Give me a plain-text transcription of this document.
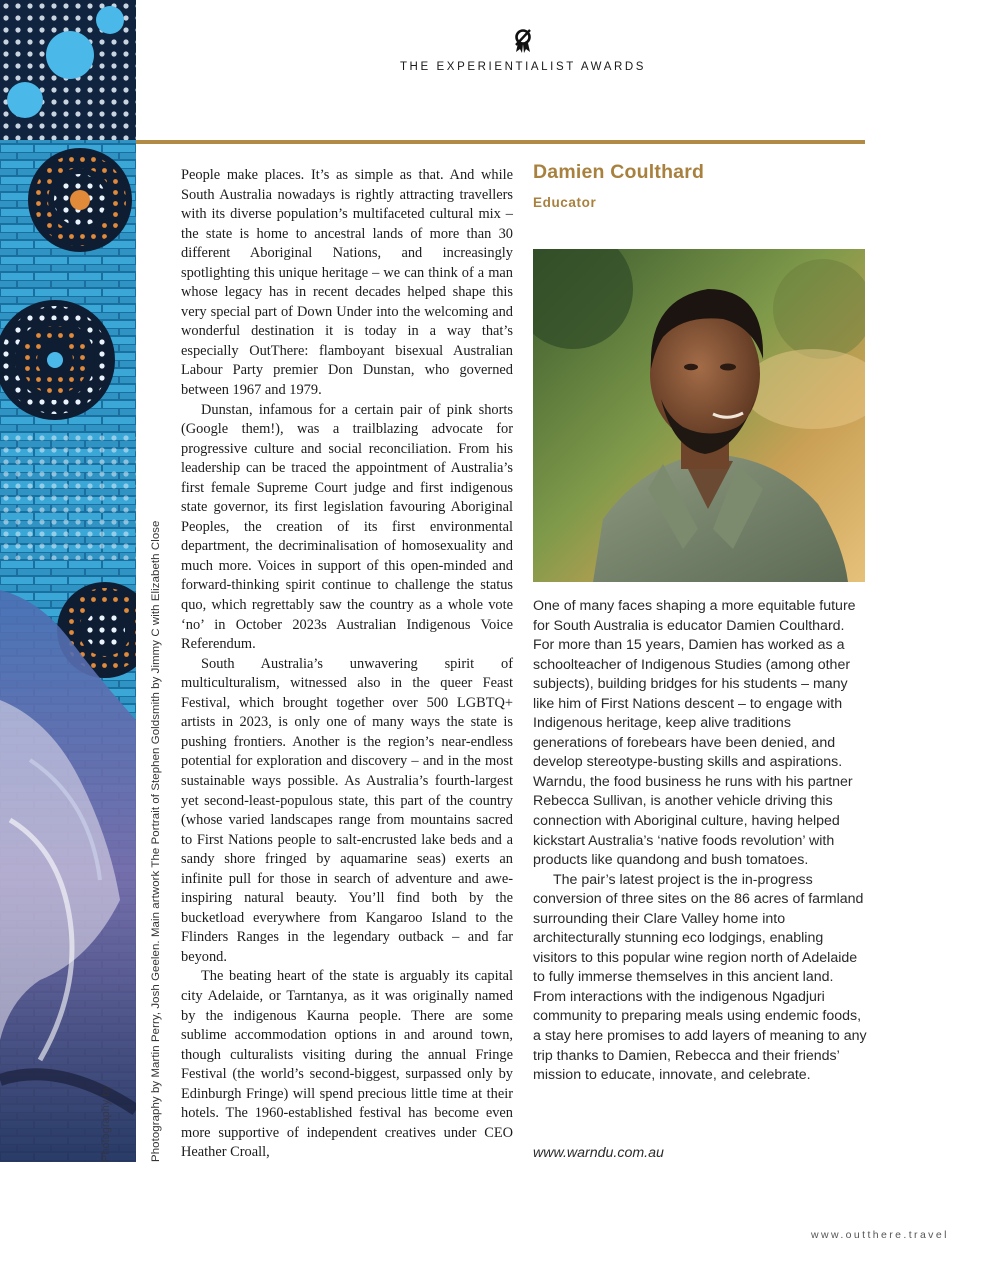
Photography by	Photography by Martin Perry, Josh Geelen. Main artwork The Portrait of Stephen Goldsmith by Jimmy C with Elizabeth Close
THE EXPERIENTIALIST AWARDS

People make places. It’s as simple as that. And while South Australia nowadays is rightly attracting travellers with its diverse population’s multifaceted cultural mix – the state is home to ancestral lands of more than 30 different Aboriginal Nations, and increasingly spotlighting this unique heritage – we can think of a man whose legacy has in recent decades helped shape this very special part of Down Under into the welcoming and wonderful destination it is today in a way that’s especially OutThere: flamboyant bisexual Australian Labour Party premier Don Dunstan, who governed between 1967 and 1979.

Dunstan, infamous for a certain pair of pink shorts (Google them!), was a trailblazing advocate for progressive culture and social reconciliation. From his leadership can be traced the appointment of Australia’s first female Supreme Court judge and first indigenous state governor, its first legislation favouring Aboriginal Peoples, the creation of its first environmental department, the decriminalisation of homosexuality and much more. Voices in support of this open-minded and forward-thinking spirit continue to challenge the status quo, which regrettably saw the country as a whole vote ‘no’ in October 2023s Australian Indigenous Voice Referendum.

South Australia’s unwavering spirit of multiculturalism, witnessed also in the queer Feast Festival, which brought together over 500 LGBTQ+ artists in 2023, is only one of many ways the state is pushing frontiers. Another is the region’s near-endless potential for exploration and discovery – and in the most sustainable ways possible. As Australia’s fourth-largest yet second-least-populous state, this part of the country (whose varied landscapes range from mountains sacred to First Nations people to salt-encrusted lake beds and a sandy shore fringed by aquamarine seas) exerts an infinite pull for those in search of adventure and awe-inspiring natural beauty. You’ll find both by the bucketload everywhere from Kangaroo Island to the Flinders Ranges in the legendary outback – and far beyond.

The beating heart of the state is arguably its capital city Adelaide, or Tarntanya, as it was originally named by the indigenous Kaurna people. There are some sublime accommodation options in and around town, though culturalists visiting during the annual Fringe Festival (the world’s second-biggest, surpassed only by Edinburgh Fringe) will spend precious little time at their hotels. The 1960-established festival has become even more supportive of independent creatives under CEO Heather Croall,

Damien Coulthard
Educator

One of many faces shaping a more equitable future for South Australia is educator Damien Coulthard. For more than 15 years, Damien has worked as a schoolteacher of Indigenous Studies (among other subjects), building bridges for his students – many like him of First Nations descent – to engage with Indigenous heritage, keep alive traditions generations of forebears have been denied, and develop stereotype-busting skills and aspirations. Warndu, the food business he runs with his partner Rebecca Sullivan, is another vehicle driving this connection with Aboriginal culture, having helped kickstart Australia’s ‘native foods revolution’ with products like quandong and bush tomatoes.

The pair’s latest project is the in-progress conversion of three sites on the 86 acres of farmland surrounding their Clare Valley home into architecturally stunning eco lodgings, enabling visitors to this popular wine region north of Adelaide to fully immerse themselves in this ancient land. From interactions with the indigenous Ngadjuri community to preparing meals using endemic foods, a stay here promises to add layers of meaning to any trip thanks to Damien, Rebecca and their friends’ mission to educate, innovate, and celebrate.

www.warndu.com.au
www.outthere.travel
